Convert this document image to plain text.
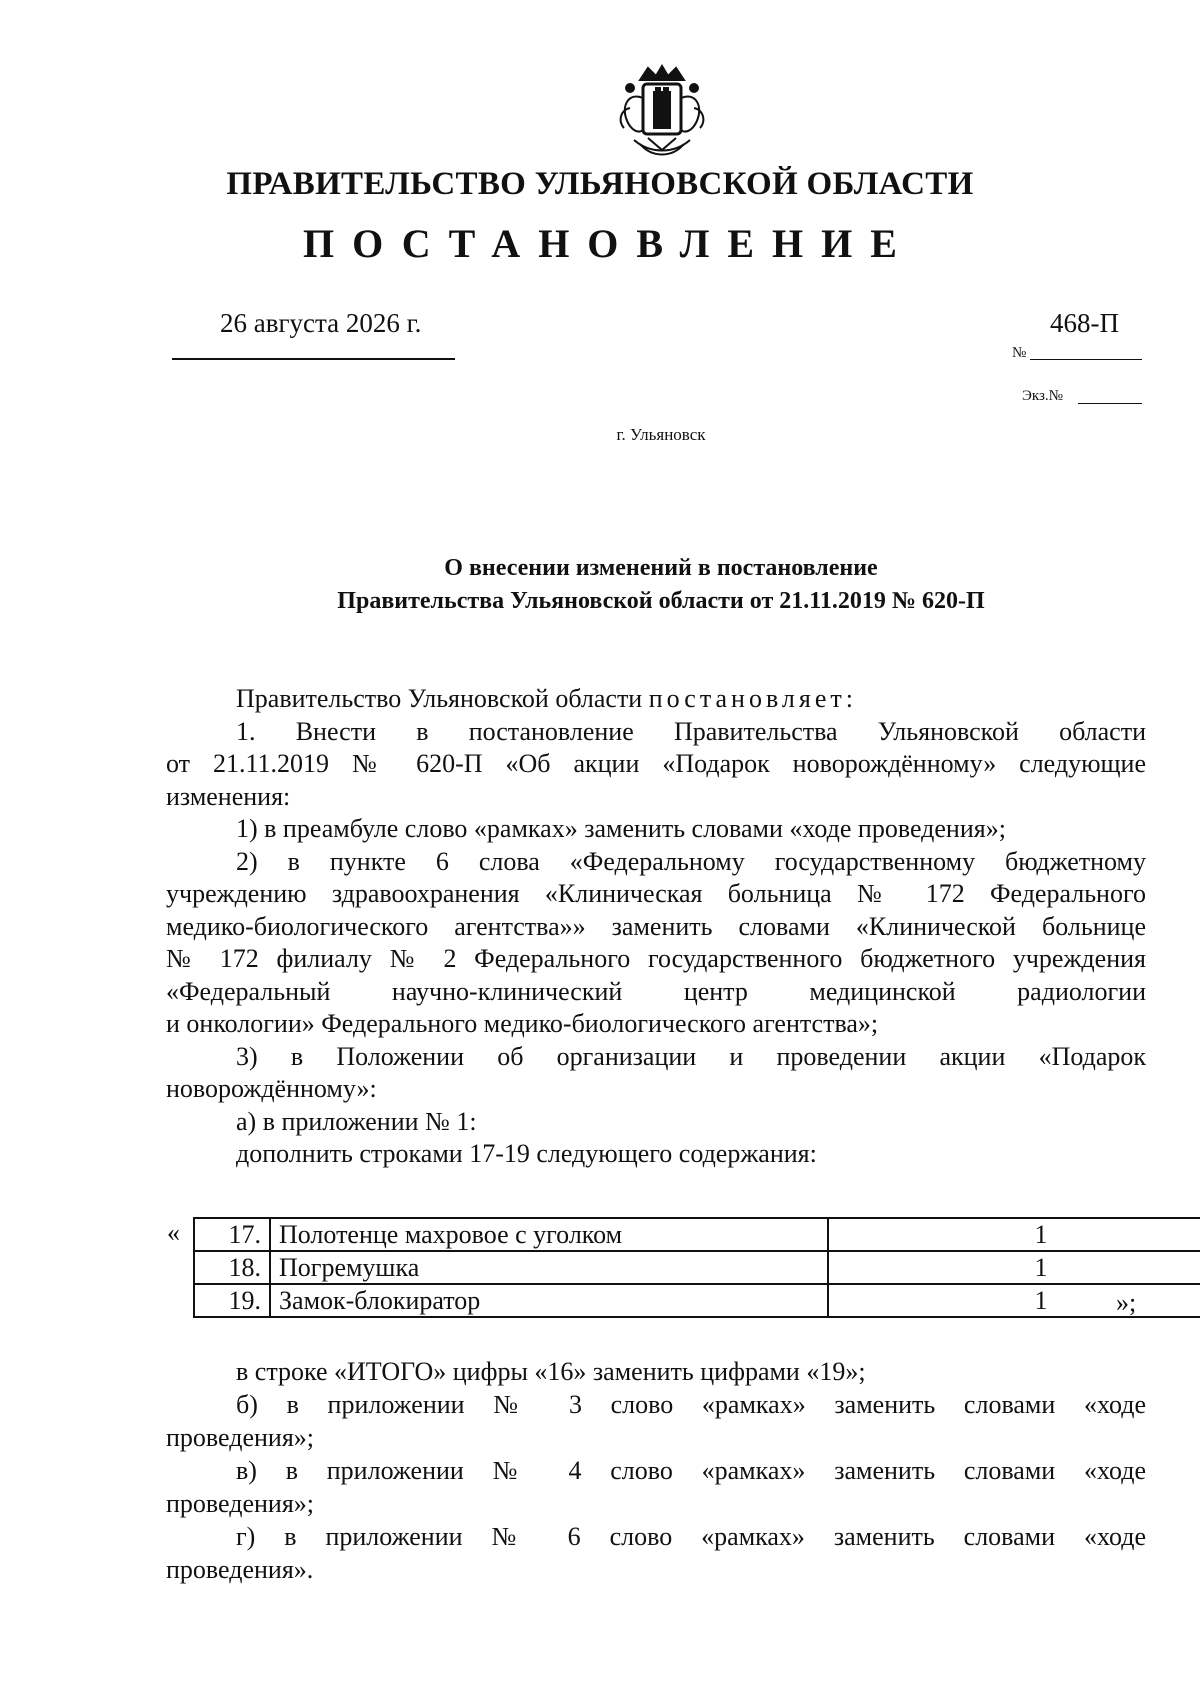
ПРАВИТЕЛЬСТВО УЛЬЯНОВСКОЙ ОБЛАСТИ
ПОСТАНОВЛЕНИЕ
26 августа 2026 г.	468-П
№
Экз.№
г. Ульяновск
О внесении изменений в постановление
Правительства Ульяновской области от 21.11.2019 № 620-П

Правительство Ульяновской области постановляет:

1. Внести в постановление Правительства Ульяновской области

от 21.11.2019 № 620-П «Об акции «Подарок новорождённому» следующие

изменения:

1) в преамбуле слово «рамках» заменить словами «ходе проведения»;

2) в пункте 6 слова «Федеральному государственному бюджетному

учреждению здравоохранения «Клиническая больница № 172 Федерального

медико-биологического агентства»» заменить словами «Клинической больнице

№ 172 филиалу № 2 Федерального государственного бюджетного учреждения

«Федеральный научно-клинический центр медицинской радиологии

и онкологии» Федерального медико-биологического агентства»;

3) в Положении об организации и проведении акции «Подарок

новорождённому»:

а) в приложении № 1:

дополнить строками 17-19 следующего содержания:

« 17.	Полотенце махровое с уголком	1
18.	Погремушка	1
19.	Замок-блокиратор	1	»;

в строке «ИТОГО» цифры «16» заменить цифрами «19»;

б) в приложении № 3 слово «рамках» заменить словами «ходе

проведения»;

в) в приложении № 4 слово «рамках» заменить словами «ходе

проведения»;

г) в приложении № 6 слово «рамках» заменить словами «ходе

проведения».
